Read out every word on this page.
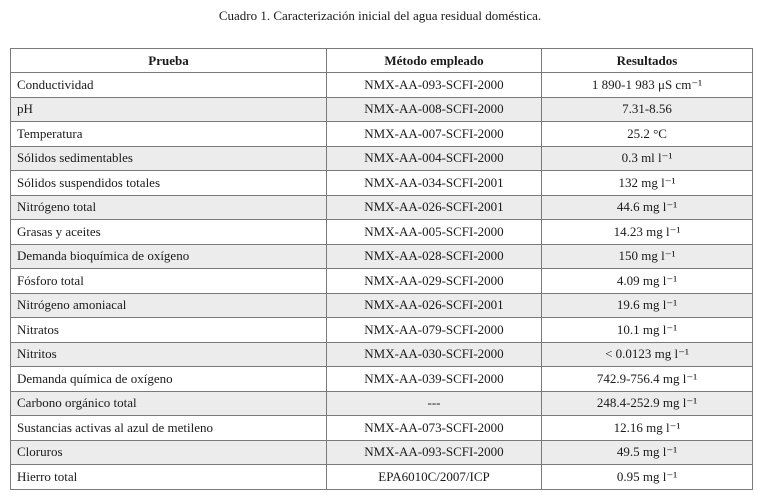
Cuadro 1. Caracterización inicial del agua residual doméstica.
Prueba	Método empleado	Resultados
Conductividad	NMX-AA-093-SCFI-2000	1 890-1 983 μS cm⁻¹
pH	NMX-AA-008-SCFI-2000	7.31-8.56
Temperatura	NMX-AA-007-SCFI-2000	25.2 °C
Sólidos sedimentables	NMX-AA-004-SCFI-2000	0.3 ml l⁻¹
Sólidos suspendidos totales	NMX-AA-034-SCFI-2001	132 mg l⁻¹
Nitrógeno total	NMX-AA-026-SCFI-2001	44.6 mg l⁻¹
Grasas y aceites	NMX-AA-005-SCFI-2000	14.23 mg l⁻¹
Demanda bioquímica de oxígeno	NMX-AA-028-SCFI-2000	150 mg l⁻¹
Fósforo total	NMX-AA-029-SCFI-2000	4.09 mg l⁻¹
Nitrógeno amoniacal	NMX-AA-026-SCFI-2001	19.6 mg l⁻¹
Nitratos	NMX-AA-079-SCFI-2000	10.1 mg l⁻¹
Nitritos	NMX-AA-030-SCFI-2000	< 0.0123 mg l⁻¹
Demanda química de oxígeno	NMX-AA-039-SCFI-2000	742.9-756.4 mg l⁻¹
Carbono orgánico total	---	248.4-252.9 mg l⁻¹
Sustancias activas al azul de metileno	NMX-AA-073-SCFI-2000	12.16 mg l⁻¹
Cloruros	NMX-AA-093-SCFI-2000	49.5 mg l⁻¹
Hierro total	EPA6010C/2007/ICP	0.95 mg l⁻¹
